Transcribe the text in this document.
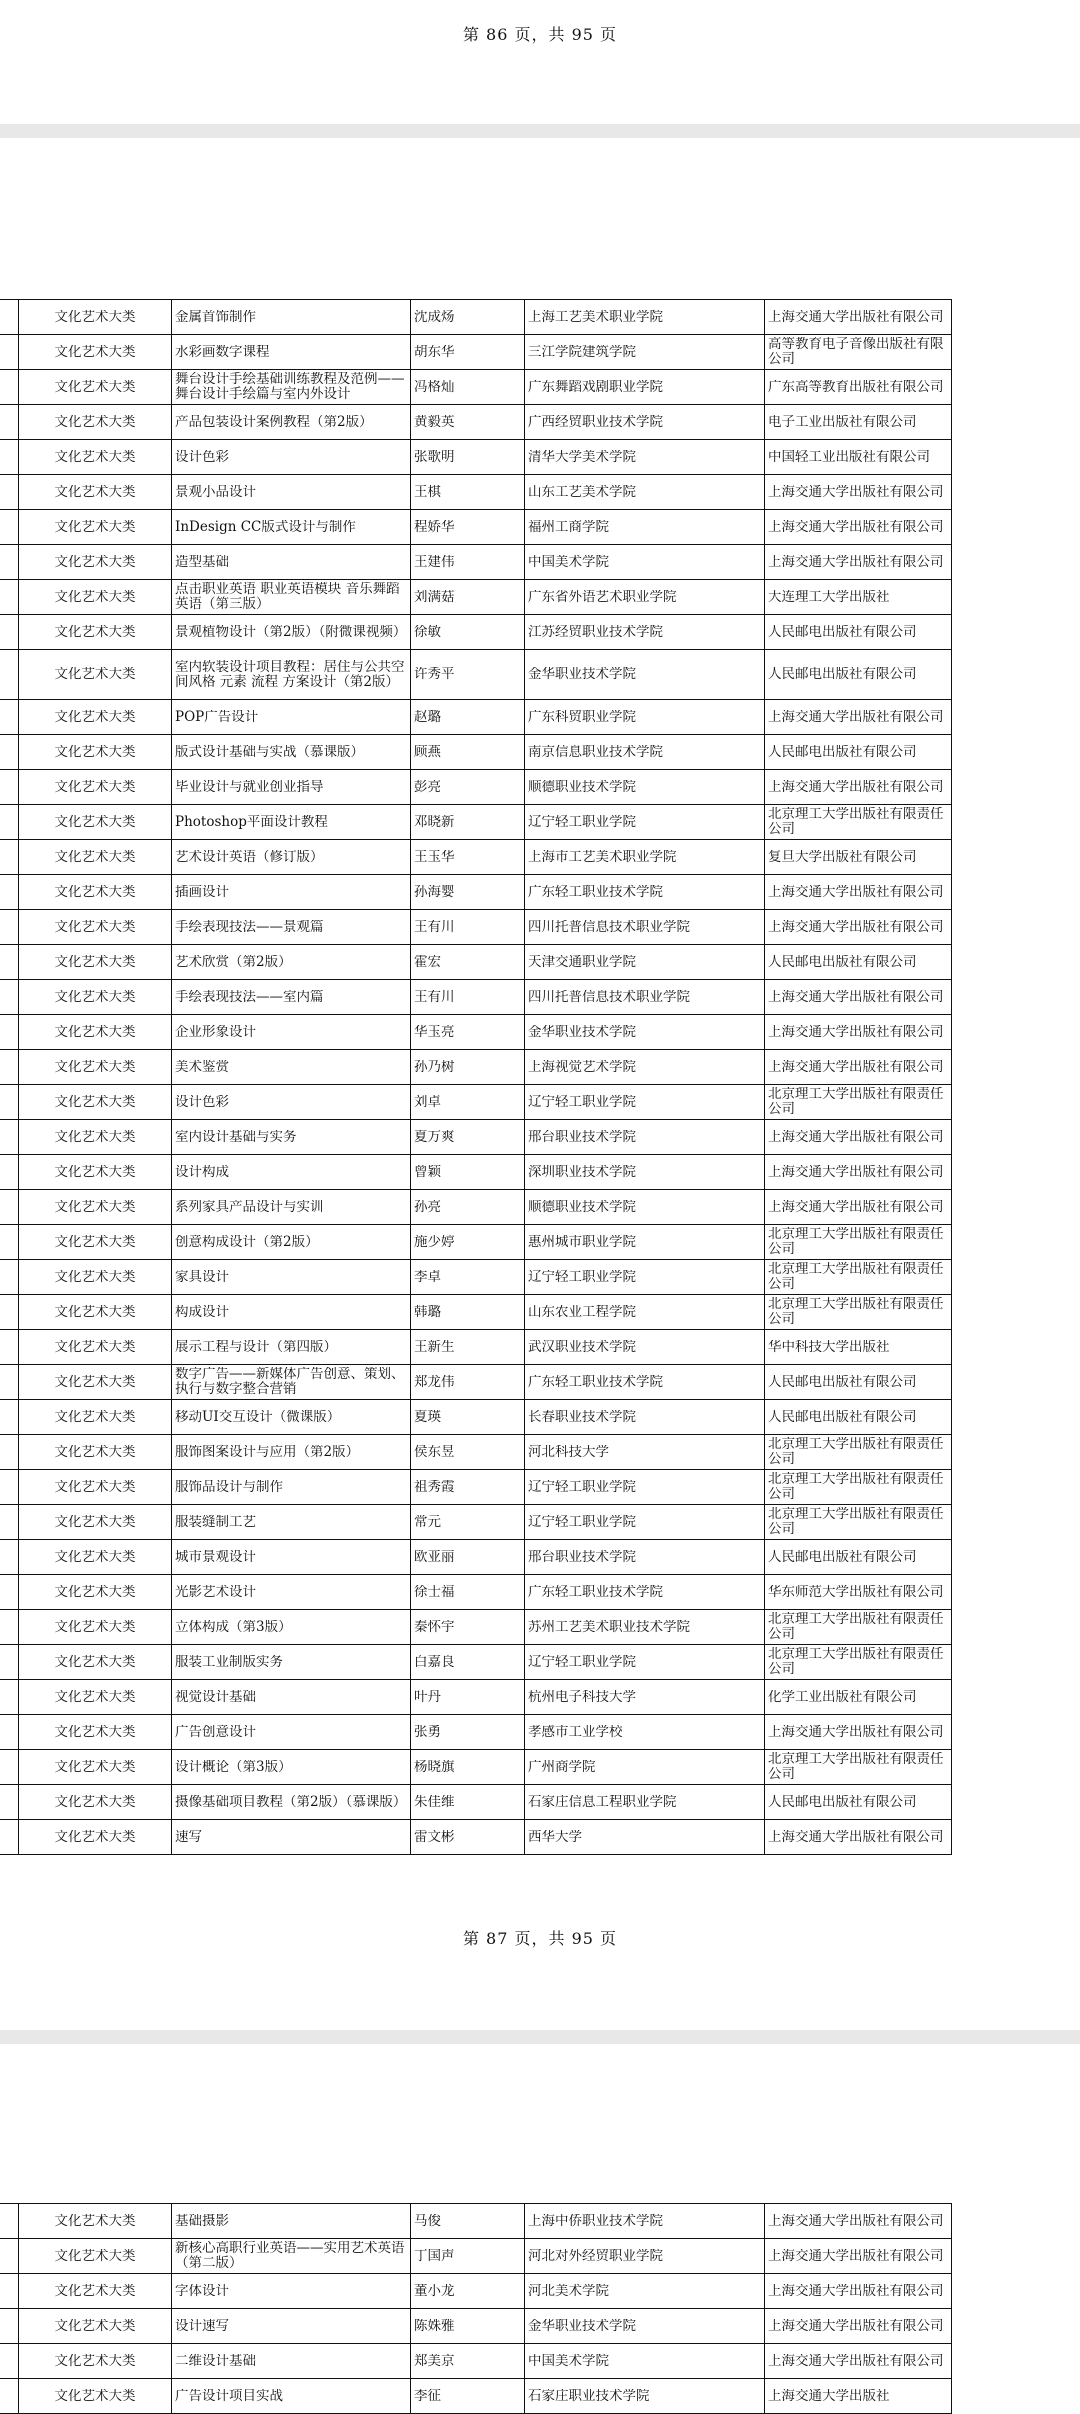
第 86 页，共 95 页

	文化艺术大类	金属首饰制作	沈成炀	上海工艺美术职业学院	上海交通大学出版社有限公司

	文化艺术大类	水彩画数字课程	胡东华	三江学院建筑学院	高等教育电子音像出版社有限公司

	文化艺术大类	舞台设计手绘基础训练教程及范例——舞台设计手绘篇与室内外设计	冯格灿	广东舞蹈戏剧职业学院	广东高等教育出版社有限公司

	文化艺术大类	产品包装设计案例教程（第2版）	黄毅英	广西经贸职业技术学院	电子工业出版社有限公司

	文化艺术大类	设计色彩	张歌明	清华大学美术学院	中国轻工业出版社有限公司

	文化艺术大类	景观小品设计	王棋	山东工艺美术学院	上海交通大学出版社有限公司

	文化艺术大类	InDesign CC版式设计与制作	程娇华	福州工商学院	上海交通大学出版社有限公司

	文化艺术大类	造型基础	王建伟	中国美术学院	上海交通大学出版社有限公司

	文化艺术大类	点击职业英语 职业英语模块 音乐舞蹈英语（第三版）	刘满菇	广东省外语艺术职业学院	大连理工大学出版社

	文化艺术大类	景观植物设计（第2版）（附微课视频）	徐敏	江苏经贸职业技术学院	人民邮电出版社有限公司

	文化艺术大类	室内软装设计项目教程：居住与公共空间风格 元素 流程 方案设计（第2版）	许秀平	金华职业技术学院	人民邮电出版社有限公司

	文化艺术大类	POP广告设计	赵璐	广东科贸职业学院	上海交通大学出版社有限公司

	文化艺术大类	版式设计基础与实战（慕课版）	顾燕	南京信息职业技术学院	人民邮电出版社有限公司

	文化艺术大类	毕业设计与就业创业指导	彭亮	顺德职业技术学院	上海交通大学出版社有限公司

	文化艺术大类	Photoshop平面设计教程	邓晓新	辽宁轻工职业学院	北京理工大学出版社有限责任公司

	文化艺术大类	艺术设计英语（修订版）	王玉华	上海市工艺美术职业学院	复旦大学出版社有限公司

	文化艺术大类	插画设计	孙海婴	广东轻工职业技术学院	上海交通大学出版社有限公司

	文化艺术大类	手绘表现技法——景观篇	王有川	四川托普信息技术职业学院	上海交通大学出版社有限公司

	文化艺术大类	艺术欣赏（第2版）	霍宏	天津交通职业学院	人民邮电出版社有限公司

	文化艺术大类	手绘表现技法——室内篇	王有川	四川托普信息技术职业学院	上海交通大学出版社有限公司

	文化艺术大类	企业形象设计	华玉亮	金华职业技术学院	上海交通大学出版社有限公司

	文化艺术大类	美术鉴赏	孙乃树	上海视觉艺术学院	上海交通大学出版社有限公司

	文化艺术大类	设计色彩	刘卓	辽宁轻工职业学院	北京理工大学出版社有限责任公司

	文化艺术大类	室内设计基础与实务	夏万爽	邢台职业技术学院	上海交通大学出版社有限公司

	文化艺术大类	设计构成	曾颖	深圳职业技术学院	上海交通大学出版社有限公司

	文化艺术大类	系列家具产品设计与实训	孙亮	顺德职业技术学院	上海交通大学出版社有限公司

	文化艺术大类	创意构成设计（第2版）	施少婷	惠州城市职业学院	北京理工大学出版社有限责任公司

	文化艺术大类	家具设计	李卓	辽宁轻工职业学院	北京理工大学出版社有限责任公司

	文化艺术大类	构成设计	韩璐	山东农业工程学院	北京理工大学出版社有限责任公司

	文化艺术大类	展示工程与设计（第四版）	王新生	武汉职业技术学院	华中科技大学出版社

	文化艺术大类	数字广告——新媒体广告创意、策划、执行与数字整合营销	郑龙伟	广东轻工职业技术学院	人民邮电出版社有限公司

	文化艺术大类	移动UI交互设计（微课版）	夏瑛	长春职业技术学院	人民邮电出版社有限公司

	文化艺术大类	服饰图案设计与应用（第2版）	侯东昱	河北科技大学	北京理工大学出版社有限责任公司

	文化艺术大类	服饰品设计与制作	祖秀霞	辽宁轻工职业学院	北京理工大学出版社有限责任公司

	文化艺术大类	服装缝制工艺	常元	辽宁轻工职业学院	北京理工大学出版社有限责任公司

	文化艺术大类	城市景观设计	欧亚丽	邢台职业技术学院	人民邮电出版社有限公司

	文化艺术大类	光影艺术设计	徐士福	广东轻工职业技术学院	华东师范大学出版社有限公司

	文化艺术大类	立体构成（第3版）	秦怀宇	苏州工艺美术职业技术学院	北京理工大学出版社有限责任公司

	文化艺术大类	服装工业制版实务	白嘉良	辽宁轻工职业学院	北京理工大学出版社有限责任公司

	文化艺术大类	视觉设计基础	叶丹	杭州电子科技大学	化学工业出版社有限公司

	文化艺术大类	广告创意设计	张勇	孝感市工业学校	上海交通大学出版社有限公司

	文化艺术大类	设计概论（第3版）	杨晓旗	广州商学院	北京理工大学出版社有限责任公司

	文化艺术大类	摄像基础项目教程（第2版）（慕课版）	朱佳维	石家庄信息工程职业学院	人民邮电出版社有限公司

	文化艺术大类	速写	雷文彬	西华大学	上海交通大学出版社有限公司
第 87 页，共 95 页

	文化艺术大类	基础摄影	马俊	上海中侨职业技术学院	上海交通大学出版社有限公司

	文化艺术大类	新核心高职行业英语——实用艺术英语（第二版）	丁国声	河北对外经贸职业学院	上海交通大学出版社有限公司

	文化艺术大类	字体设计	董小龙	河北美术学院	上海交通大学出版社有限公司

	文化艺术大类	设计速写	陈姝雅	金华职业技术学院	上海交通大学出版社有限公司

	文化艺术大类	二维设计基础	郑美京	中国美术学院	上海交通大学出版社有限公司

	文化艺术大类	广告设计项目实战	李征	石家庄职业技术学院	上海交通大学出版社
